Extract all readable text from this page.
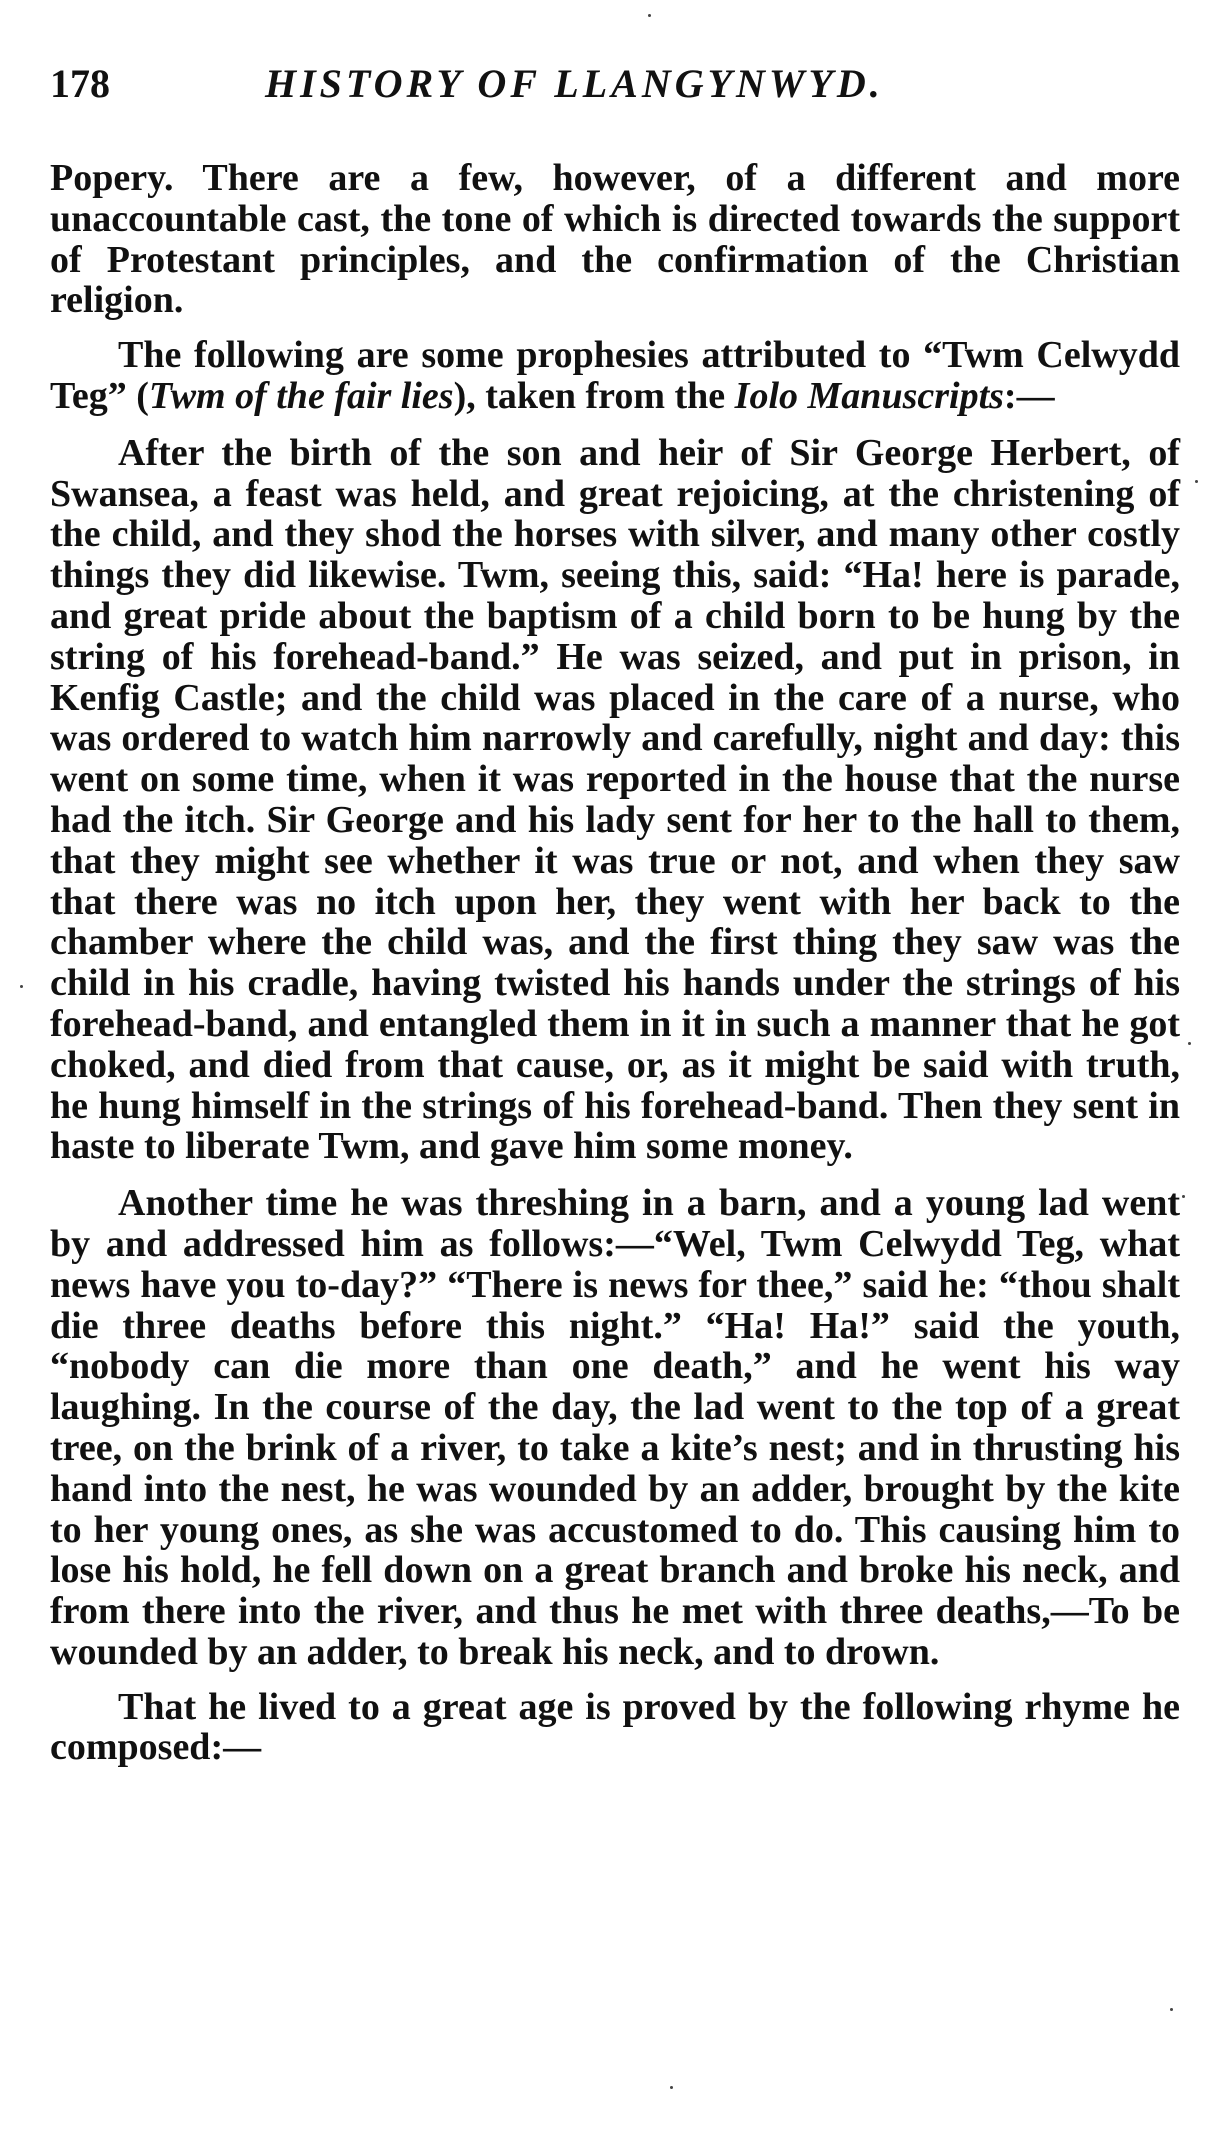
178	HISTORY OF LLANGYNWYD.

Popery. There are a few, however, of a different and more unaccountable cast, the tone of which is directed towards the support of Protestant principles, and the confirmation of the Christian religion.

The following are some prophesies attributed to “Twm Celwydd Teg” (Twm of the fair lies), taken from the Iolo Manuscripts:—

After the birth of the son and heir of Sir George Herbert, of Swansea, a feast was held, and great rejoicing, at the christening of the child, and they shod the horses with silver, and many other costly things they did likewise. Twm, seeing this, said: “Ha! here is parade, and great pride about the baptism of a child born to be hung by the string of his forehead-band.” He was seized, and put in prison, in Kenfig Castle; and the child was placed in the care of a nurse, who was ordered to watch him narrowly and carefully, night and day: this went on some time, when it was reported in the house that the nurse had the itch. Sir George and his lady sent for her to the hall to them, that they might see whether it was true or not, and when they saw that there was no itch upon her, they went with her back to the chamber where the child was, and the first thing they saw was the child in his cradle, having twisted his hands under the strings of his forehead-band, and entangled them in it in such a manner that he got choked, and died from that cause, or, as it might be said with truth, he hung himself in the strings of his forehead-band. Then they sent in haste to liberate Twm, and gave him some money.

Another time he was threshing in a barn, and a young lad went by and addressed him as follows:—“Wel, Twm Celwydd Teg, what news have you to-day?” “There is news for thee,” said he: “thou shalt die three deaths before this night.” “Ha! Ha!” said the youth, “nobody can die more than one death,” and he went his way laughing. In the course of the day, the lad went to the top of a great tree, on the brink of a river, to take a kite’s nest; and in thrusting his hand into the nest, he was wounded by an adder, brought by the kite to her young ones, as she was accustomed to do. This causing him to lose his hold, he fell down on a great branch and broke his neck, and from there into the river, and thus he met with three deaths,—To be wounded by an adder, to break his neck, and to drown.

That he lived to a great age is proved by the following rhyme he composed:—
